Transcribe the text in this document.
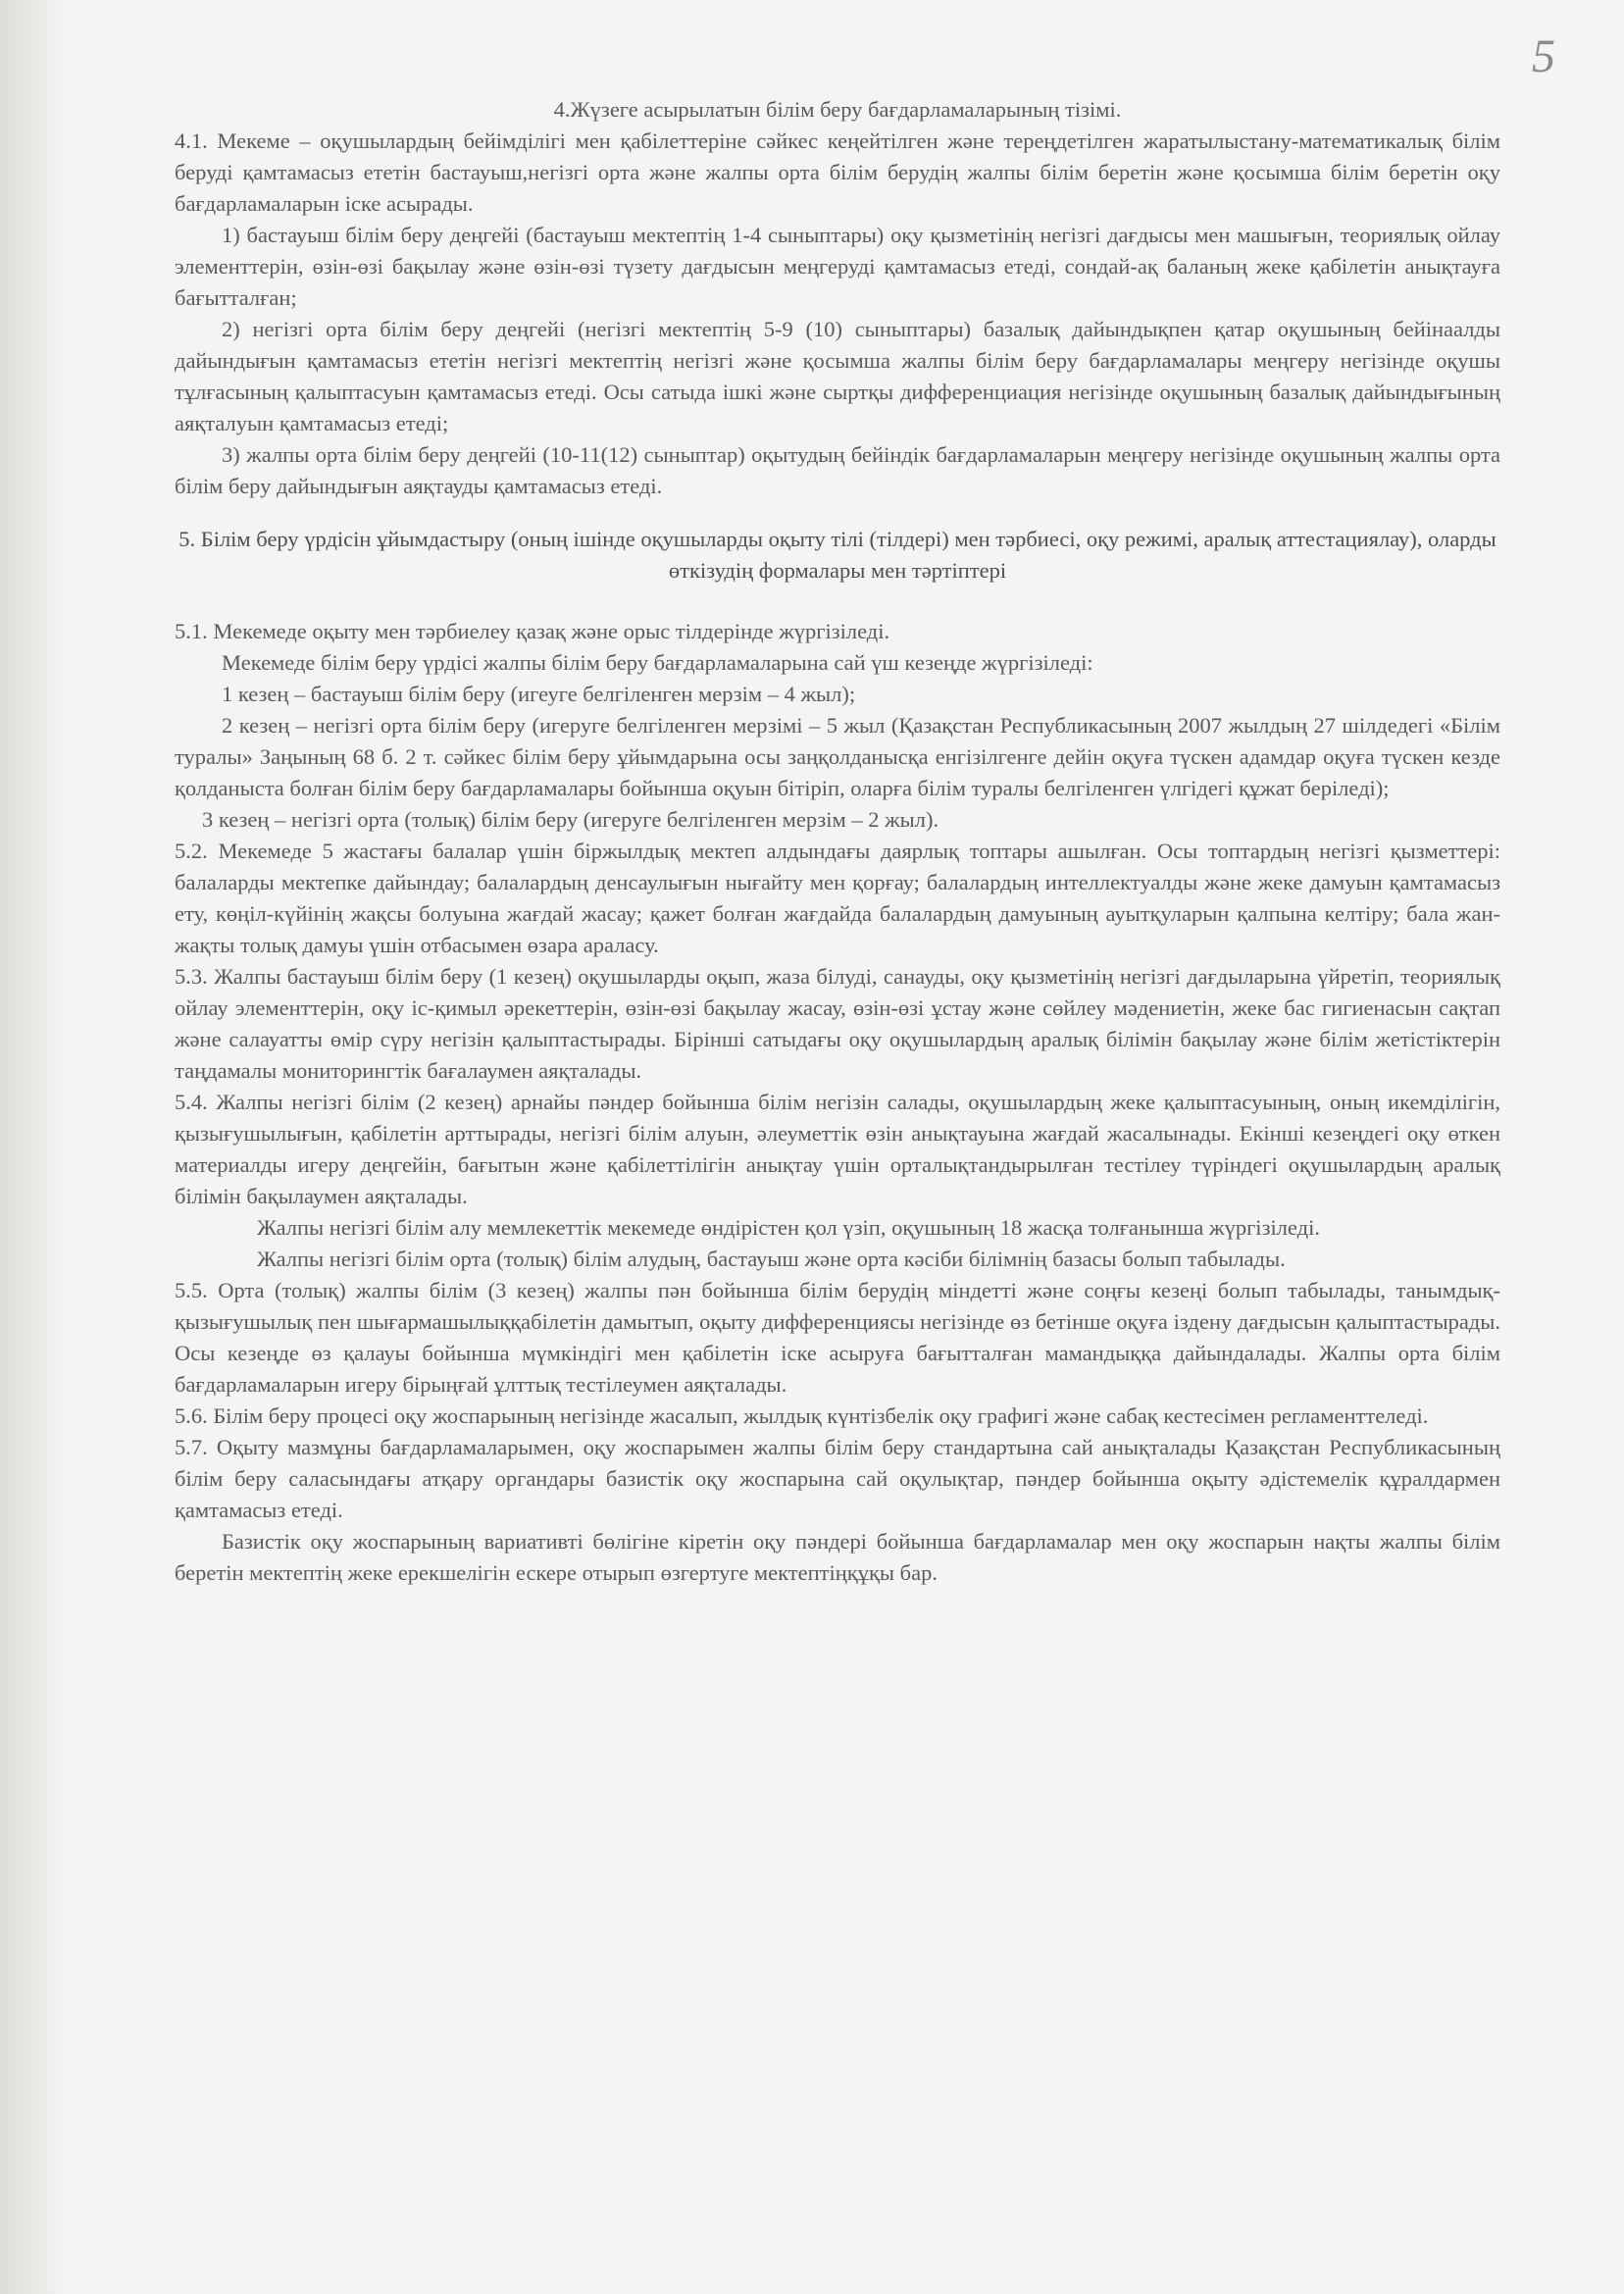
5

4.Жүзеге асырылатын білім беру бағдарламаларының тізімі.

4.1. Мекеме – оқушылардың бейімділігі мен қабілеттеріне сәйкес кеңейтілген және тереңдетілген жаратылыстану-математикалық білім беруді қамтамасыз ететін бастауыш,негізгі орта және жалпы орта білім берудің жалпы білім беретін және қосымша білім беретін оқу бағдарламаларын іске асырады.

1) бастауыш білім беру деңгейі (бастауыш мектептің 1-4 сыныптары) оқу қызметінің негізгі дағдысы мен машығын, теориялық ойлау элементтерін, өзін-өзі бақылау және өзін-өзі түзету дағдысын меңгеруді қамтамасыз етеді, сондай-ақ баланың жеке қабілетін анықтауға бағытталған;

2) негізгі орта білім беру деңгейі (негізгі мектептің 5-9 (10) сыныптары) базалық дайындықпен қатар оқушының бейінаалды дайындығын қамтамасыз ететін негізгі мектептің негізгі және қосымша жалпы білім беру бағдарламалары меңгеру негізінде оқушы тұлғасының қалыптасуын қамтамасыз етеді. Осы сатыда ішкі және сыртқы дифференциация негізінде оқушының базалық дайындығының аяқталуын қамтамасыз етеді;

3) жалпы орта білім беру деңгейі (10-11(12) сыныптар) оқытудың бейіндік бағдарламаларын меңгеру негізінде оқушының жалпы орта білім беру дайындығын аяқтауды қамтамасыз етеді.

5. Білім беру үрдісін ұйымдастыру (оның ішінде оқушыларды оқыту тілі (тілдері) мен тәрбиесі, оқу режимі, аралық аттестациялау), оларды өткізудің формалары мен тәртіптері

5.1. Мекемеде оқыту мен тәрбиелеу қазақ және орыс тілдерінде жүргізіледі.

Мекемеде білім беру үрдісі жалпы білім беру бағдарламаларына сай үш кезеңде жүргізіледі:

1 кезең – бастауыш білім беру (игеуге белгіленген мерзім – 4 жыл);

2 кезең – негізгі орта білім беру (игеруге белгіленген мерзімі – 5 жыл (Қазақстан Республикасының 2007 жылдың 27 шілдедегі «Білім туралы» Заңының 68 б. 2 т. сәйкес білім беру ұйымдарына осы заңқолданысқа енгізілгенге дейін оқуға түскен адамдар оқуға түскен кезде қолданыста болған білім беру бағдарламалары бойынша оқуын бітіріп, оларға білім туралы белгіленген үлгідегі құжат беріледі);

3 кезең – негізгі орта (толық) білім беру (игеруге белгіленген мерзім – 2 жыл).

5.2. Мекемеде 5 жастағы балалар үшін біржылдық мектеп алдындағы даярлық топтары ашылған. Осы топтардың негізгі қызметтері: балаларды мектепке дайындау; балалардың денсаулығын нығайту мен қорғау; балалардың интеллектуалды және жеке дамуын қамтамасыз ету, көңіл-күйінің жақсы болуына жағдай жасау; қажет болған жағдайда балалардың дамуының ауытқуларын қалпына келтіру; бала жан-жақты толық дамуы үшін отбасымен өзара араласу.

5.3. Жалпы бастауыш білім беру (1 кезең) оқушыларды оқып, жаза білуді, санауды, оқу қызметінің негізгі дағдыларына үйретіп, теориялық ойлау элементтерін, оқу іс-қимыл әрекеттерін, өзін-өзі бақылау жасау, өзін-өзі ұстау және сөйлеу мәдениетін, жеке бас гигиенасын сақтап және салауатты өмір сүру негізін қалыптастырады. Бірінші сатыдағы оқу оқушылардың аралық білімін бақылау және білім жетістіктерін таңдамалы мониторингтік бағалаумен аяқталады.

5.4. Жалпы негізгі білім (2 кезең) арнайы пәндер бойынша білім негізін салады, оқушылардың жеке қалыптасуының, оның икемділігін, қызығушылығын, қабілетін арттырады, негізгі білім алуын, әлеуметтік өзін анықтауына жағдай жасалынады. Екінші кезеңдегі оқу өткен материалды игеру деңгейін, бағытын және қабілеттілігін анықтау үшін орталықтандырылған тестілеу түріндегі оқушылардың аралық білімін бақылаумен аяқталады.

Жалпы негізгі білім алу мемлекеттік мекемеде өндірістен қол үзіп, оқушының 18 жасқа толғанынша жүргізіледі.

Жалпы негізгі білім орта (толық) білім алудың, бастауыш және орта кәсіби білімнің базасы болып табылады.

5.5. Орта (толық) жалпы білім (3 кезең) жалпы пән бойынша білім берудің міндетті және соңғы кезеңі болып табылады, танымдық-қызығушылық пен шығармашылыққабілетін дамытып, оқыту дифференциясы негізінде өз бетінше оқуға іздену дағдысын қалыптастырады. Осы кезеңде өз қалауы бойынша мүмкіндігі мен қабілетін іске асыруға бағытталған мамандыққа дайындалады. Жалпы орта білім бағдарламаларын игеру бірыңғай ұлттық тестілеумен аяқталады.

5.6. Білім беру процесі оқу жоспарының негізінде жасалып, жылдық күнтізбелік оқу графигі және сабақ кестесімен регламенттеледі.

5.7. Оқыту мазмұны бағдарламаларымен, оқу жоспарымен жалпы білім беру стандартына сай анықталады Қазақстан Республикасының білім беру саласындағы атқару органдары базистік оқу жоспарына сай оқулықтар, пәндер бойынша оқыту әдістемелік құралдармен қамтамасыз етеді.

Базистік оқу жоспарының вариативті бөлігіне кіретін оқу пәндері бойынша бағдарламалар мен оқу жоспарын нақты жалпы білім беретін мектептің жеке ерекшелігін ескере отырып өзгертуге мектептіңқұқы бар.
